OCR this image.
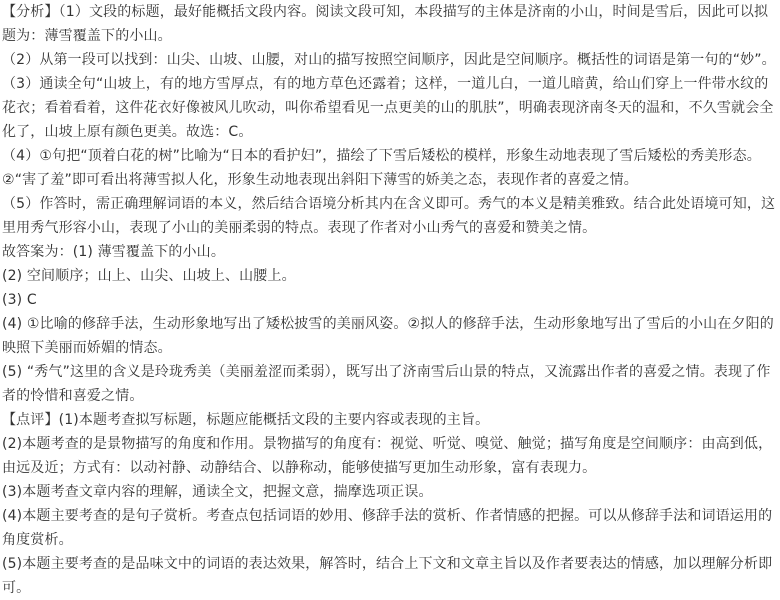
【分析】（1）文段的标题，最好能概括文段内容。阅读文段可知，本段描写的主体是济南的小山，时间是雪后，因此可以拟题为：薄雪覆盖下的小山。

（2）从第一段可以找到：山尖、山坡、山腰，对山的描写按照空间顺序，因此是空间顺序。概括性的词语是第一句的“妙”。

（3）通读全句“山坡上，有的地方雪厚点，有的地方草色还露着；这样，一道儿白，一道儿暗黄，给山们穿上一件带水纹的花衣；看着看着，这件花衣好像被风儿吹动，叫你希望看见一点更美的山的肌肤”，明确表现济南冬天的温和，不久雪就会全化了，山坡上原有颜色更美。故选：C。

（4）①句把“顶着白花的树”比喻为“日本的看护妇”，描绘了下雪后矮松的模样，形象生动地表现了雪后矮松的秀美形态。②“害了羞”即可看出将薄雪拟人化，形象生动地表现出斜阳下薄雪的娇美之态，表现作者的喜爱之情。

（5）作答时，需正确理解词语的本义，然后结合语境分析其内在含义即可。秀气的本义是精美雅致。结合此处语境可知，这里用秀气形容小山，表现了小山的美丽柔弱的特点。表现了作者对小山秀气的喜爱和赞美之情。

故答案为：(1) 薄雪覆盖下的小山。

(2) 空间顺序；山上、山尖、山坡上、山腰上。

(3) C

(4) ①比喻的修辞手法，生动形象地写出了矮松披雪的美丽风姿。②拟人的修辞手法，生动形象地写出了雪后的小山在夕阳的映照下美丽而娇媚的情态。

(5) “秀气”这里的含义是玲珑秀美（美丽羞涩而柔弱），既写出了济南雪后山景的特点，又流露出作者的喜爱之情。表现了作者的怜惜和喜爱之情。

【点评】(1)本题考查拟写标题，标题应能概括文段的主要内容或表现的主旨。

(2)本题考查的是景物描写的角度和作用。景物描写的角度有：视觉、听觉、嗅觉、触觉；描写角度是空间顺序：由高到低，由远及近；方式有：以动衬静、动静结合、以静称动，能够使描写更加生动形象，富有表现力。

(3)本题考查文章内容的理解，通读全文，把握文意，揣摩选项正误。

(4)本题主要考查的是句子赏析。考查点包括词语的妙用、修辞手法的赏析、作者情感的把握。可以从修辞手法和词语运用的角度赏析。

(5)本题主要考查的是品味文中的词语的表达效果，解答时，结合上下文和文章主旨以及作者要表达的情感，加以理解分析即可。
